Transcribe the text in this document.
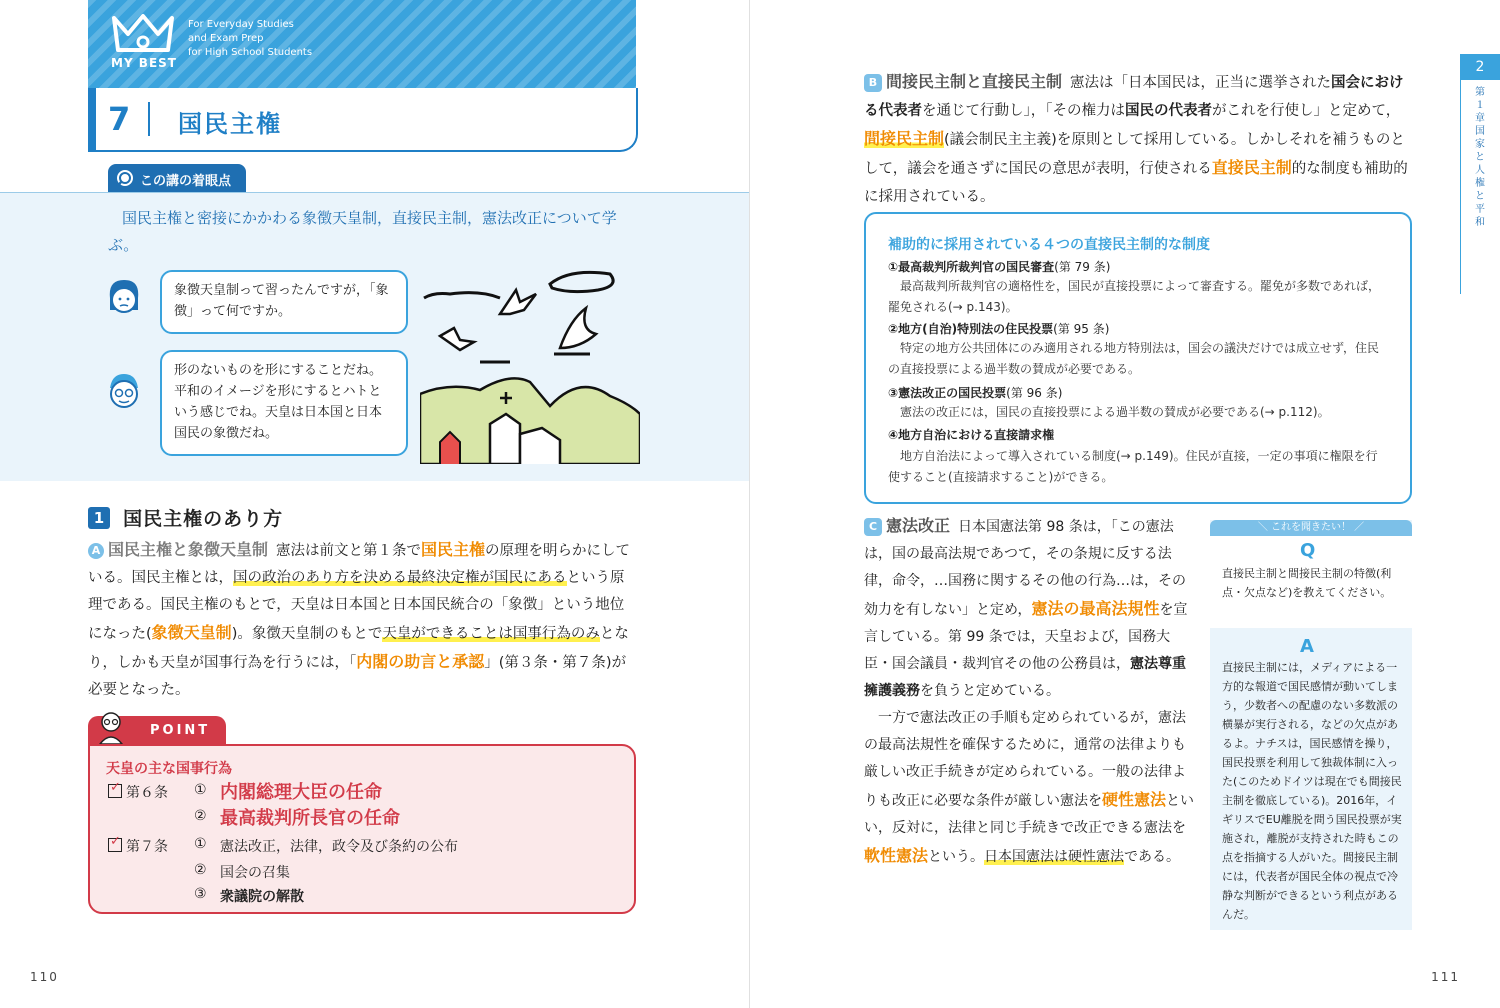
MY BEST
For Everyday Studies
and Exam Prep
for High School Students
7 国民主権
この講の着眼点
国民主権と密接にかかわる象徴天皇制，直接民主制，憲法改正について学ぶ。
象徴天皇制って習ったんですが，「象徴」って何ですか。
形のないものを形にすることだね。平和のイメージを形にするとハトという感じでね。天皇は日本国と日本国民の象徴だね。
1 国民主権のあり方
A 国民主権と象徴天皇制 憲法は前文と第１条で国民主権の原理を明らかにしている。国民主権とは，国の政治のあり方を決める最終決定権が国民にあるという原理である。国民主権のもとで，天皇は日本国と日本国民統合の「象徴」という地位になった(象徴天皇制)。象徴天皇制のもとで天皇ができることは国事行為のみとなり，しかも天皇が国事行為を行うには，「内閣の助言と承認」(第３条・第７条)が必要となった。
POINT
天皇の主な国事行為
✓第６条 ① 内閣総理大臣の任命
② 最高裁判所長官の任命
✓第７条 ① 憲法改正，法律，政令及び条約の公布
② 国会の召集
③ 衆議院の解散
110
2
第１章　国家と人権と平和
B 間接民主制と直接民主制 憲法は「日本国民は，正当に選挙された国会における代表者を通じて行動し」，「その権力は国民の代表者がこれを行使し」と定めて，間接民主制(議会制民主主義)を原則として採用している。しかしそれを補うものとして，議会を通さずに国民の意思が表明，行使される直接民主制的な制度も補助的に採用されている。
補助的に採用されている４つの直接民主制的な制度
①最高裁判所裁判官の国民審査(第 79 条)
最高裁判所裁判官の適格性を，国民が直接投票によって審査する。罷免が多数であれば，罷免される(→ p.143)。
②地方(自治)特別法の住民投票(第 95 条)
特定の地方公共団体にのみ適用される地方特別法は，国会の議決だけでは成立せず，住民の直接投票による過半数の賛成が必要である。
③憲法改正の国民投票(第 96 条)
憲法の改正には，国民の直接投票による過半数の賛成が必要である(→ p.112)。
④地方自治における直接請求権
地方自治法によって導入されている制度(→ p.149)。住民が直接，一定の事項に権限を行使すること(直接請求すること)ができる。
C 憲法改正 日本国憲法第 98 条は，「この憲法は，国の最高法規であつて，その条規に反する法律，命令，…国務に関するその他の行為…は，その効力を有しない」と定め，憲法の最高法規性を宣言している。第 99 条では，天皇および，国務大臣・国会議員・裁判官その他の公務員は，憲法尊重擁護義務を負うと定めている。
一方で憲法改正の手順も定められているが，憲法の最高法規性を確保するために，通常の法律よりも厳しい改正手続きが定められている。一般の法律よりも改正に必要な条件が厳しい憲法を硬性憲法といい，反対に，法律と同じ手続きで改正できる憲法を軟性憲法という。日本国憲法は硬性憲法である。
＼ これを聞きたい！ ／
Q
直接民主制と間接民主制の特徴(利点・欠点など)を教えてください。
A
直接民主制には，メディアによる一方的な報道で国民感情が動いてしまう，少数者への配慮のない多数派の横暴が実行される，などの欠点があるよ。ナチスは，国民感情を操り，国民投票を利用して独裁体制に入った(このためドイツは現在でも間接民主制を徹底している)。2016年，イギリスでEU離脱を問う国民投票が実施され，離脱が支持された時もこの点を指摘する人がいた。間接民主制には，代表者が国民全体の視点で冷静な判断ができるという利点があるんだ。
111
